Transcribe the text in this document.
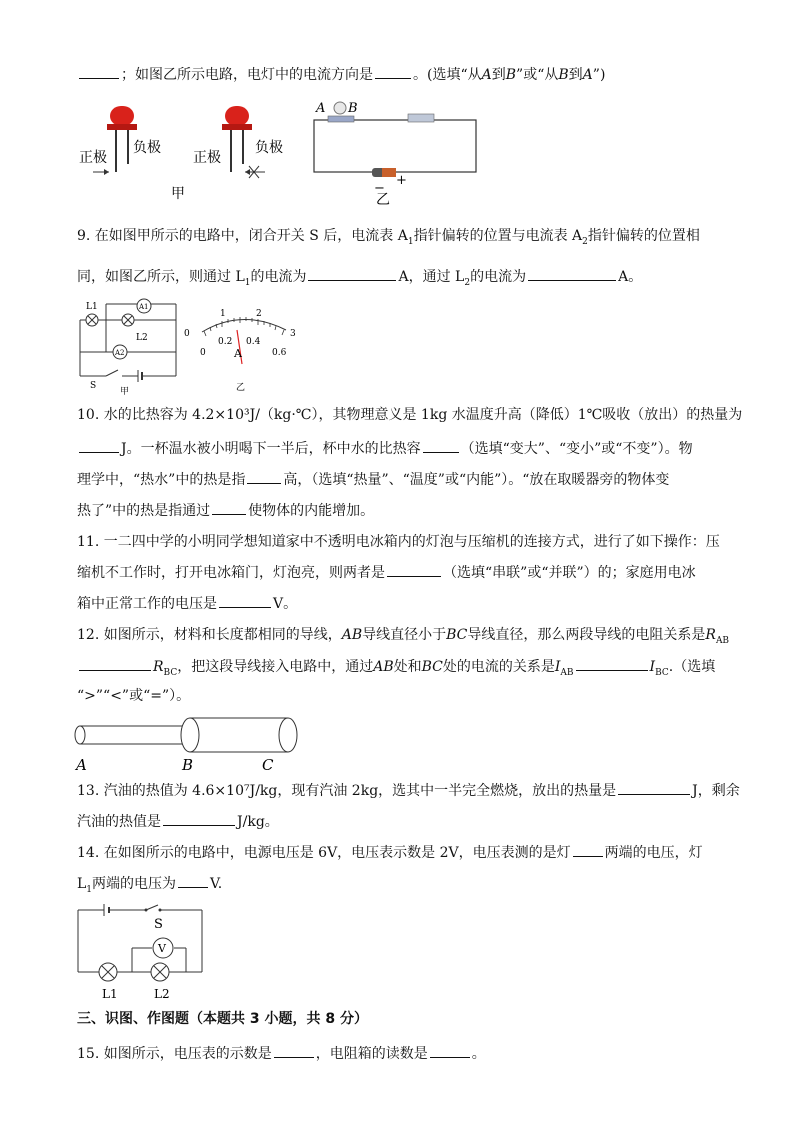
；如图乙所示电路，电灯中的电流方向是	。(选填“从A到B”或“从B到A”)
正极
负极
正极
负极
甲
A B
−
+
乙
9. 在如图甲所示的电路中，闭合开关 S 后，电流表 $A_1$指针偏转的位置与电流表 $A_2$指针偏转的位置相
同，如图乙所示，则通过 $L_1$的电流为	A，通过 $L_2$的电流为	A。
L1
L2
A1
A2
S
甲
0
1	2
3
0
0.2 0.4
0.6
A
乙
10. 水的比热容为 4.2×10³J/（kg·℃），其物理意义是 1kg 水温度升高（降低）1℃吸收（放出）的热量为
J。一杯温水被小明喝下一半后，杯中水的比热容	（选填“变大”、“变小”或“不变”）。物
理学中，“热水”中的热是指	高，（选填“热量”、“温度”或“内能”）。“放在取暖器旁的物体变
热了”中的热是指通过	使物体的内能增加。
11. 一二四中学的小明同学想知道家中不透明电冰箱内的灯泡与压缩机的连接方式，进行了如下操作：压
缩机不工作时，打开电冰箱门，灯泡亮，则两者是	（选填“串联”或“并联”）的；家庭用电冰
箱中正常工作的电压是	V。
12. 如图所示，材料和长度都相同的导线，AB导线直径小于BC导线直径，那么两段导线的电阻关系是$R_{AB}$
$R_{BC}$，把这段导线接入电路中，通过AB处和BC处的电流的关系是$I_{AB}$	$I_{BC}$.（选填
“>”“<”或“=”）。
A	B	C
13. 汽油的热值为 4.6×10⁷J/kg，现有汽油 2kg，选其中一半完全燃烧，放出的热量是	J，剩余
汽油的热值是	J/kg。
14. 在如图所示的电路中，电源电压是 6V，电压表示数是 2V，电压表测的是灯 两端的电压，灯
$L_1$两端的电压为 V.
S
V
L1	L2
三、识图、作图题（本题共 3 小题，共 8 分）
15. 如图所示，电压表的示数是	，电阻箱的读数是	。
